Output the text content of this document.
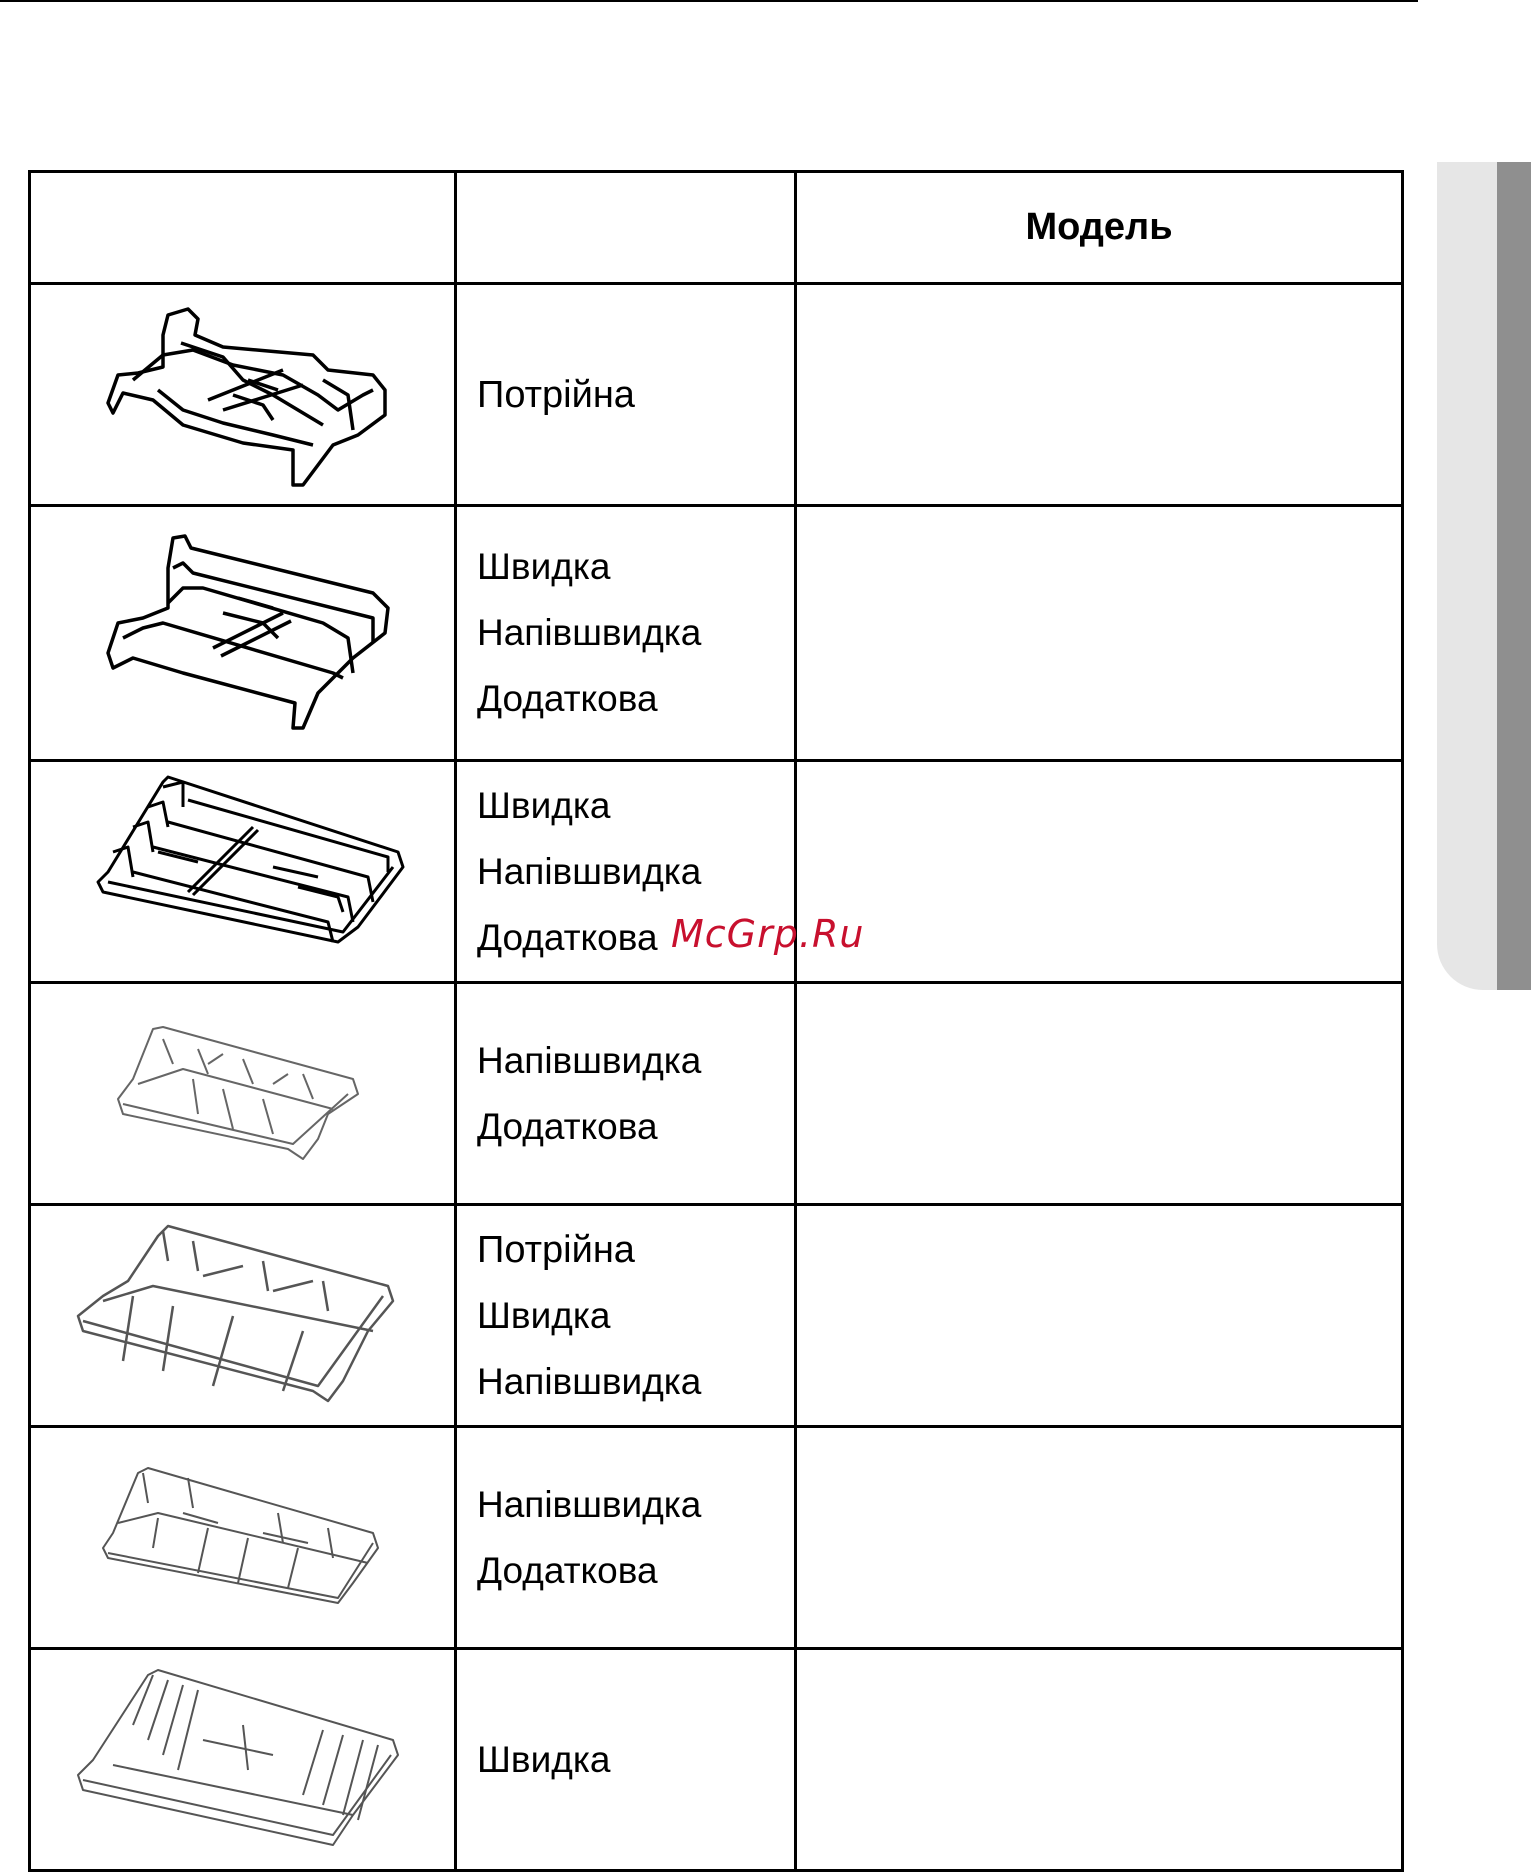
		Модель

Потрійна	

Швидка
Напівшвидка
Додаткова	

Швидка
Напівшвидка
Додаткова	

Напівшвидка
Додаткова	

Потрійна
Швидка
Напівшвидка	

Напівшвидка
Додаткова	

Швидка	

McGrp.Ru
